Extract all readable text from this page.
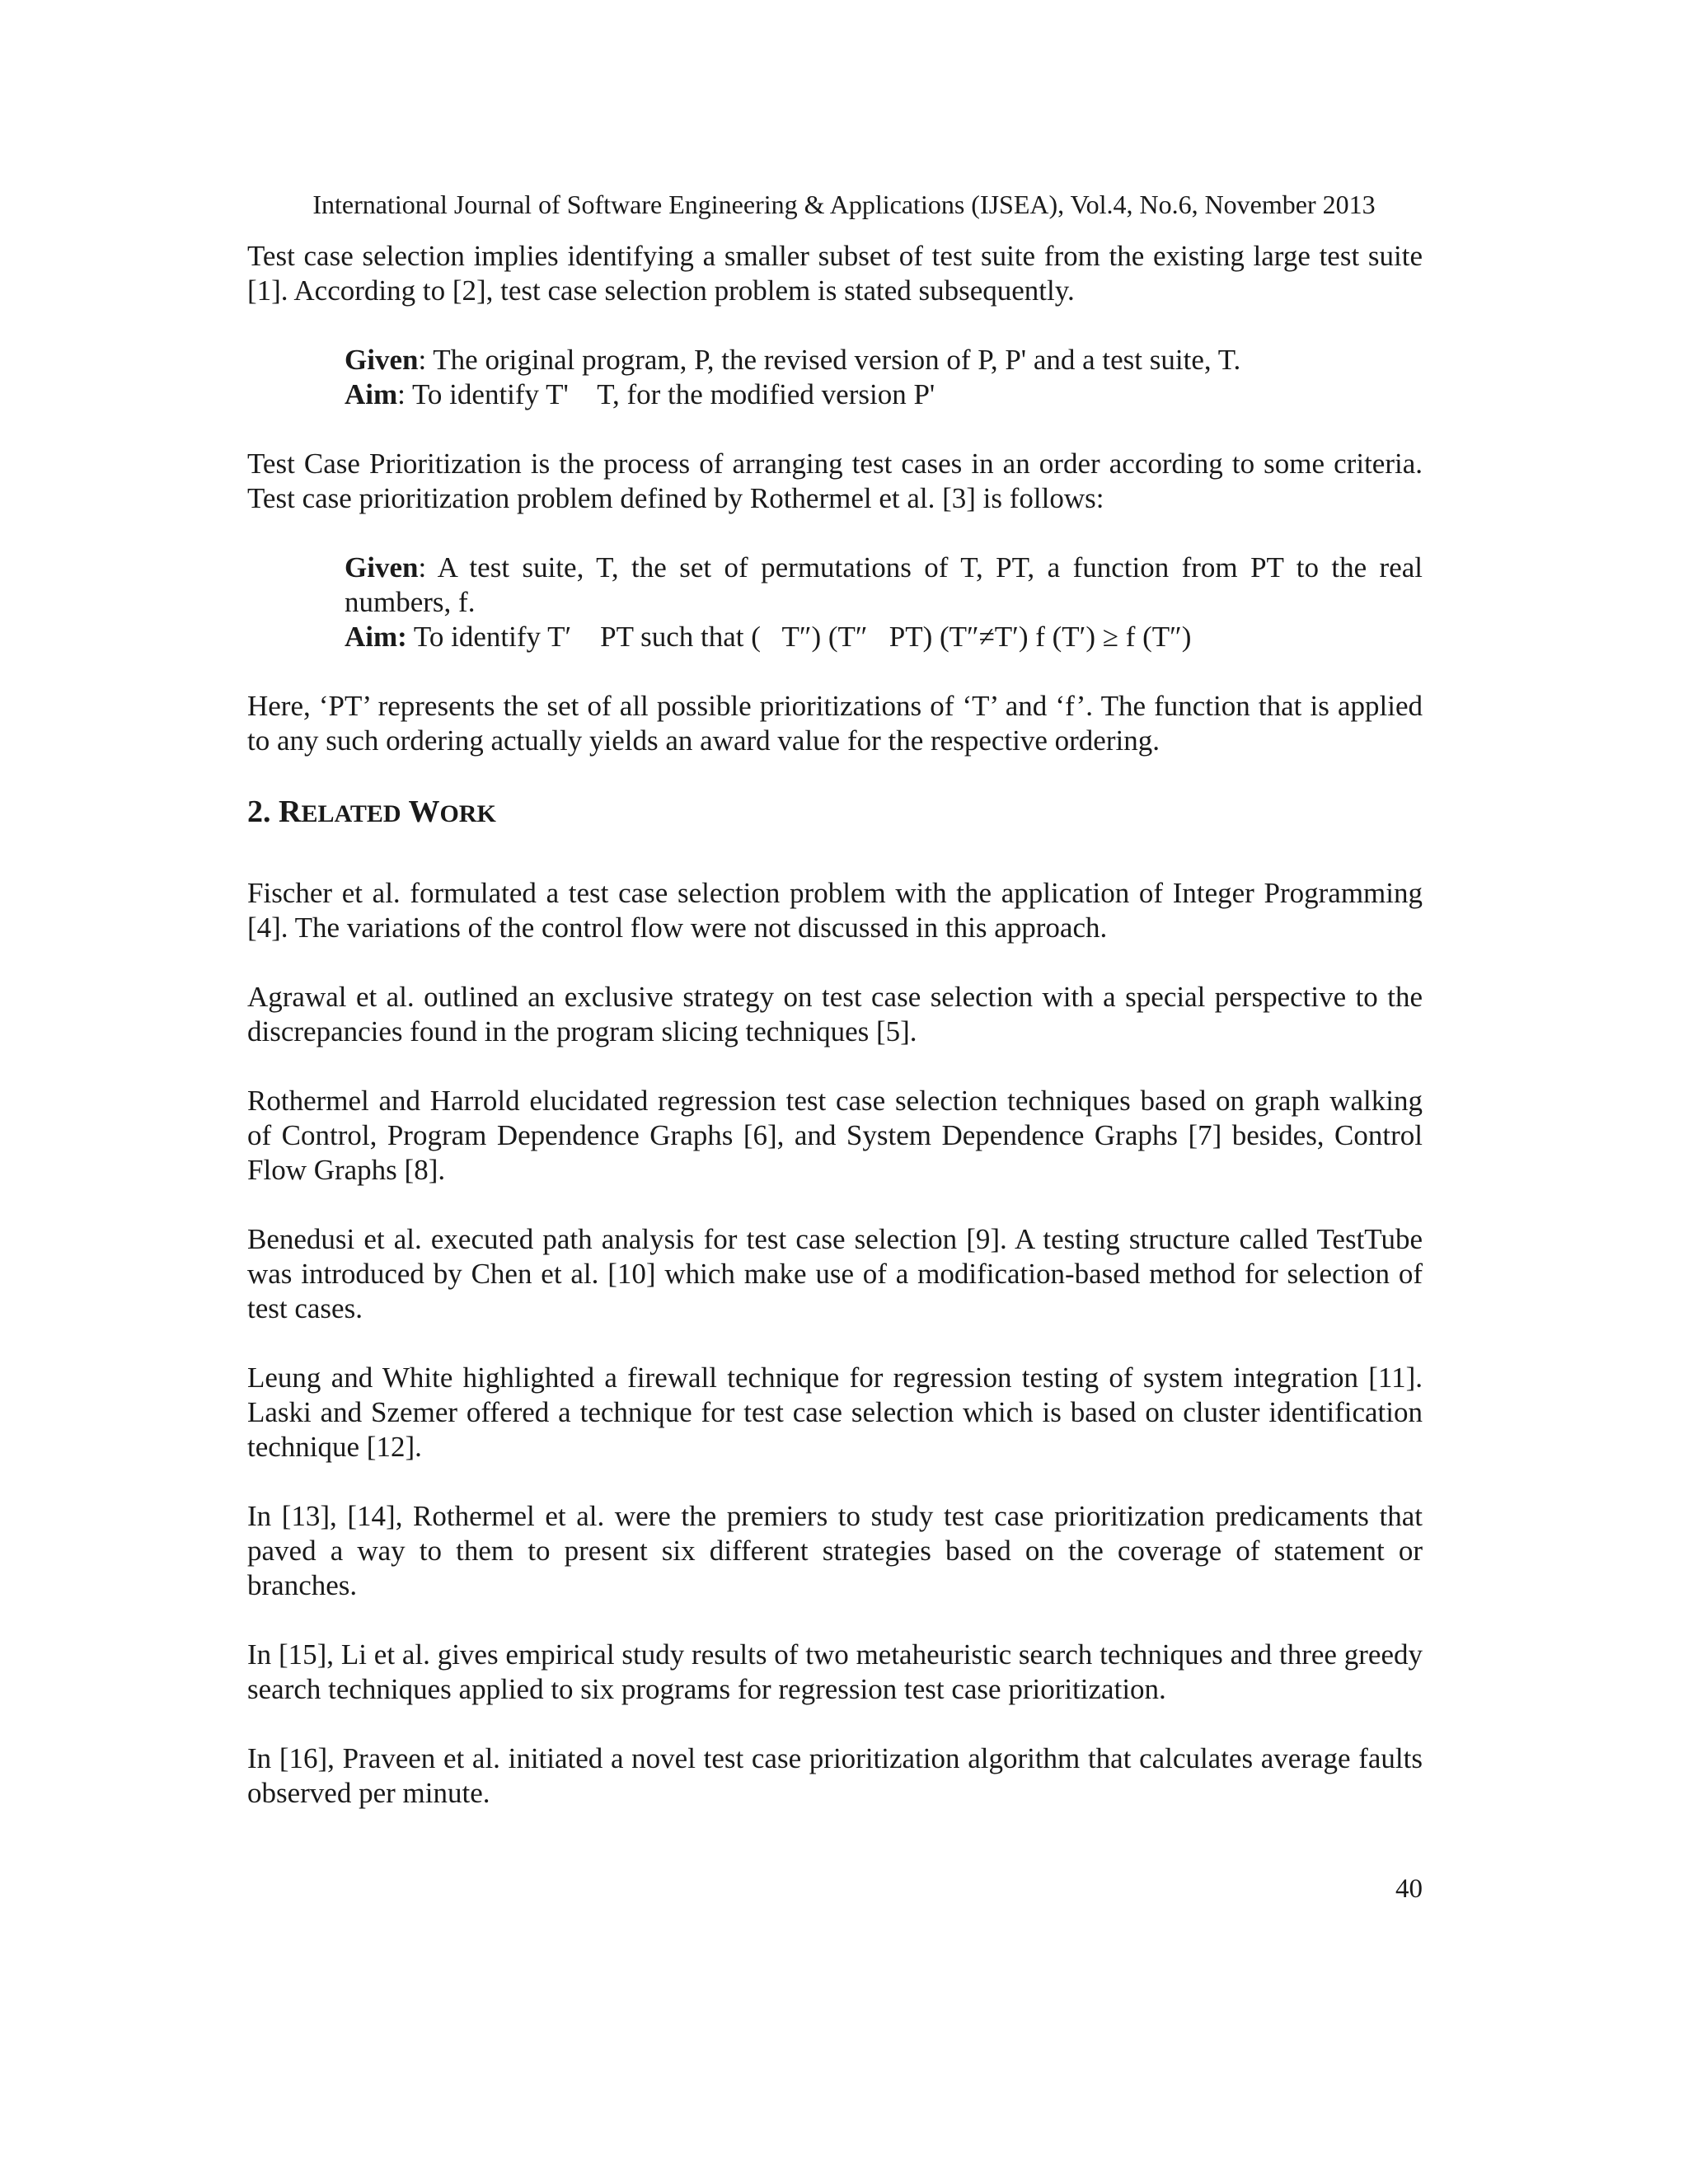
International Journal of Software Engineering & Applications (IJSEA), Vol.4, No.6, November 2013

Test case selection implies identifying a smaller subset of test suite from the existing large test suite [1]. According to [2], test case selection problem is stated subsequently.

Given: The original program, P, the revised version of P, P' and a test suite, T.

Aim: To identify T'    T, for the modified version P'

Test Case Prioritization is the process of arranging test cases in an order according to some criteria. Test case prioritization problem defined by Rothermel et al. [3] is follows:

Given: A test suite, T, the set of permutations of T, PT, a function from PT to the real numbers, f.

Aim: To identify T′    PT such that (   T″) (T″   PT) (T″≠T′) f (T′) ≥ f (T″)

Here, ‘PT’ represents the set of all possible prioritizations of ‘T’ and ‘f’. The function that is applied to any such ordering actually yields an award value for the respective ordering.

2. RELATED WORK

Fischer et al. formulated a test case selection problem with the application of Integer Programming [4]. The variations of the control flow were not discussed in this approach.

Agrawal et al. outlined an exclusive strategy on test case selection with a special perspective to the discrepancies found in the program slicing techniques [5].

Rothermel and Harrold elucidated regression test case selection techniques based on graph walking of Control, Program Dependence Graphs [6], and System Dependence Graphs [7] besides, Control Flow Graphs [8].

Benedusi et al. executed path analysis for test case selection [9]. A testing structure called TestTube was introduced by Chen et al. [10] which make use of a modification-based method for selection of test cases.

Leung and White highlighted a firewall technique for regression testing of system integration [11]. Laski and Szemer offered a technique for test case selection which is based on cluster identification technique [12].

In [13], [14], Rothermel et al. were the premiers to study test case prioritization predicaments that paved a way to them to present six different strategies based on the coverage of statement or branches.

In [15], Li et al. gives empirical study results of two metaheuristic search techniques and three greedy search techniques applied to six programs for regression test case prioritization.

In [16], Praveen et al. initiated a novel test case prioritization algorithm that calculates average faults observed per minute.

40
